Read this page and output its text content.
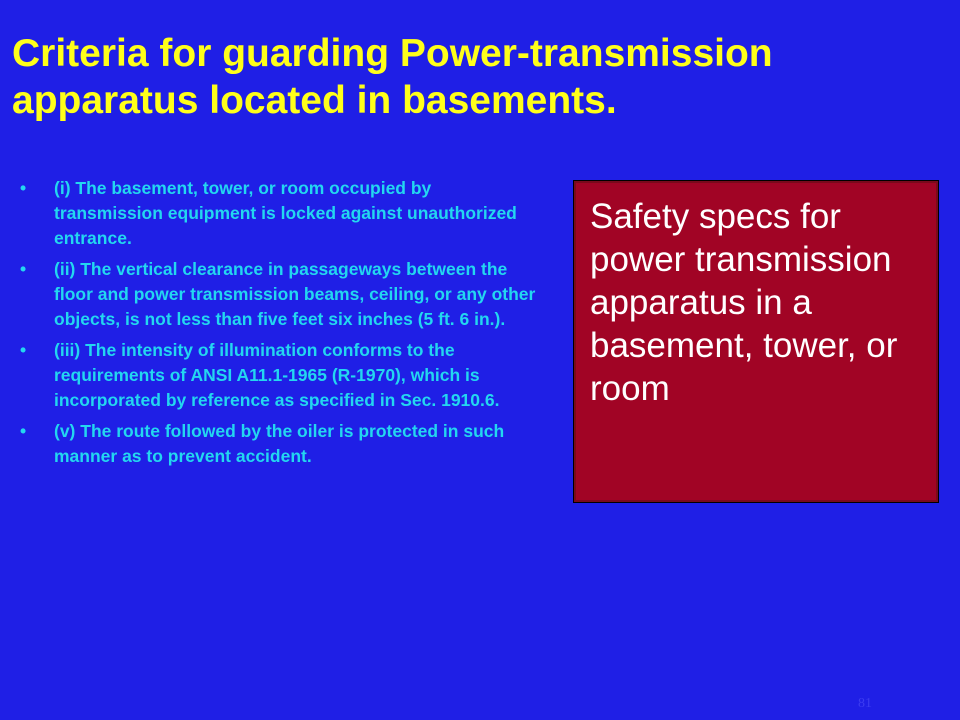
Criteria for guarding Power-transmission apparatus located in basements.
• (i) The basement, tower, or room occupied by transmission equipment is locked against unauthorized entrance.
• (ii) The vertical clearance in passageways between the floor and power transmission beams, ceiling, or any other objects, is not less than five feet six inches (5 ft. 6 in.).
• (iii) The intensity of illumination conforms to the requirements of ANSI A11.1-1965 (R-1970), which is incorporated by reference as specified in Sec. 1910.6.
• (v) The route followed by the oiler is protected in such manner as to prevent accident.
Safety specs for power transmission apparatus in a basement, tower, or room
81
